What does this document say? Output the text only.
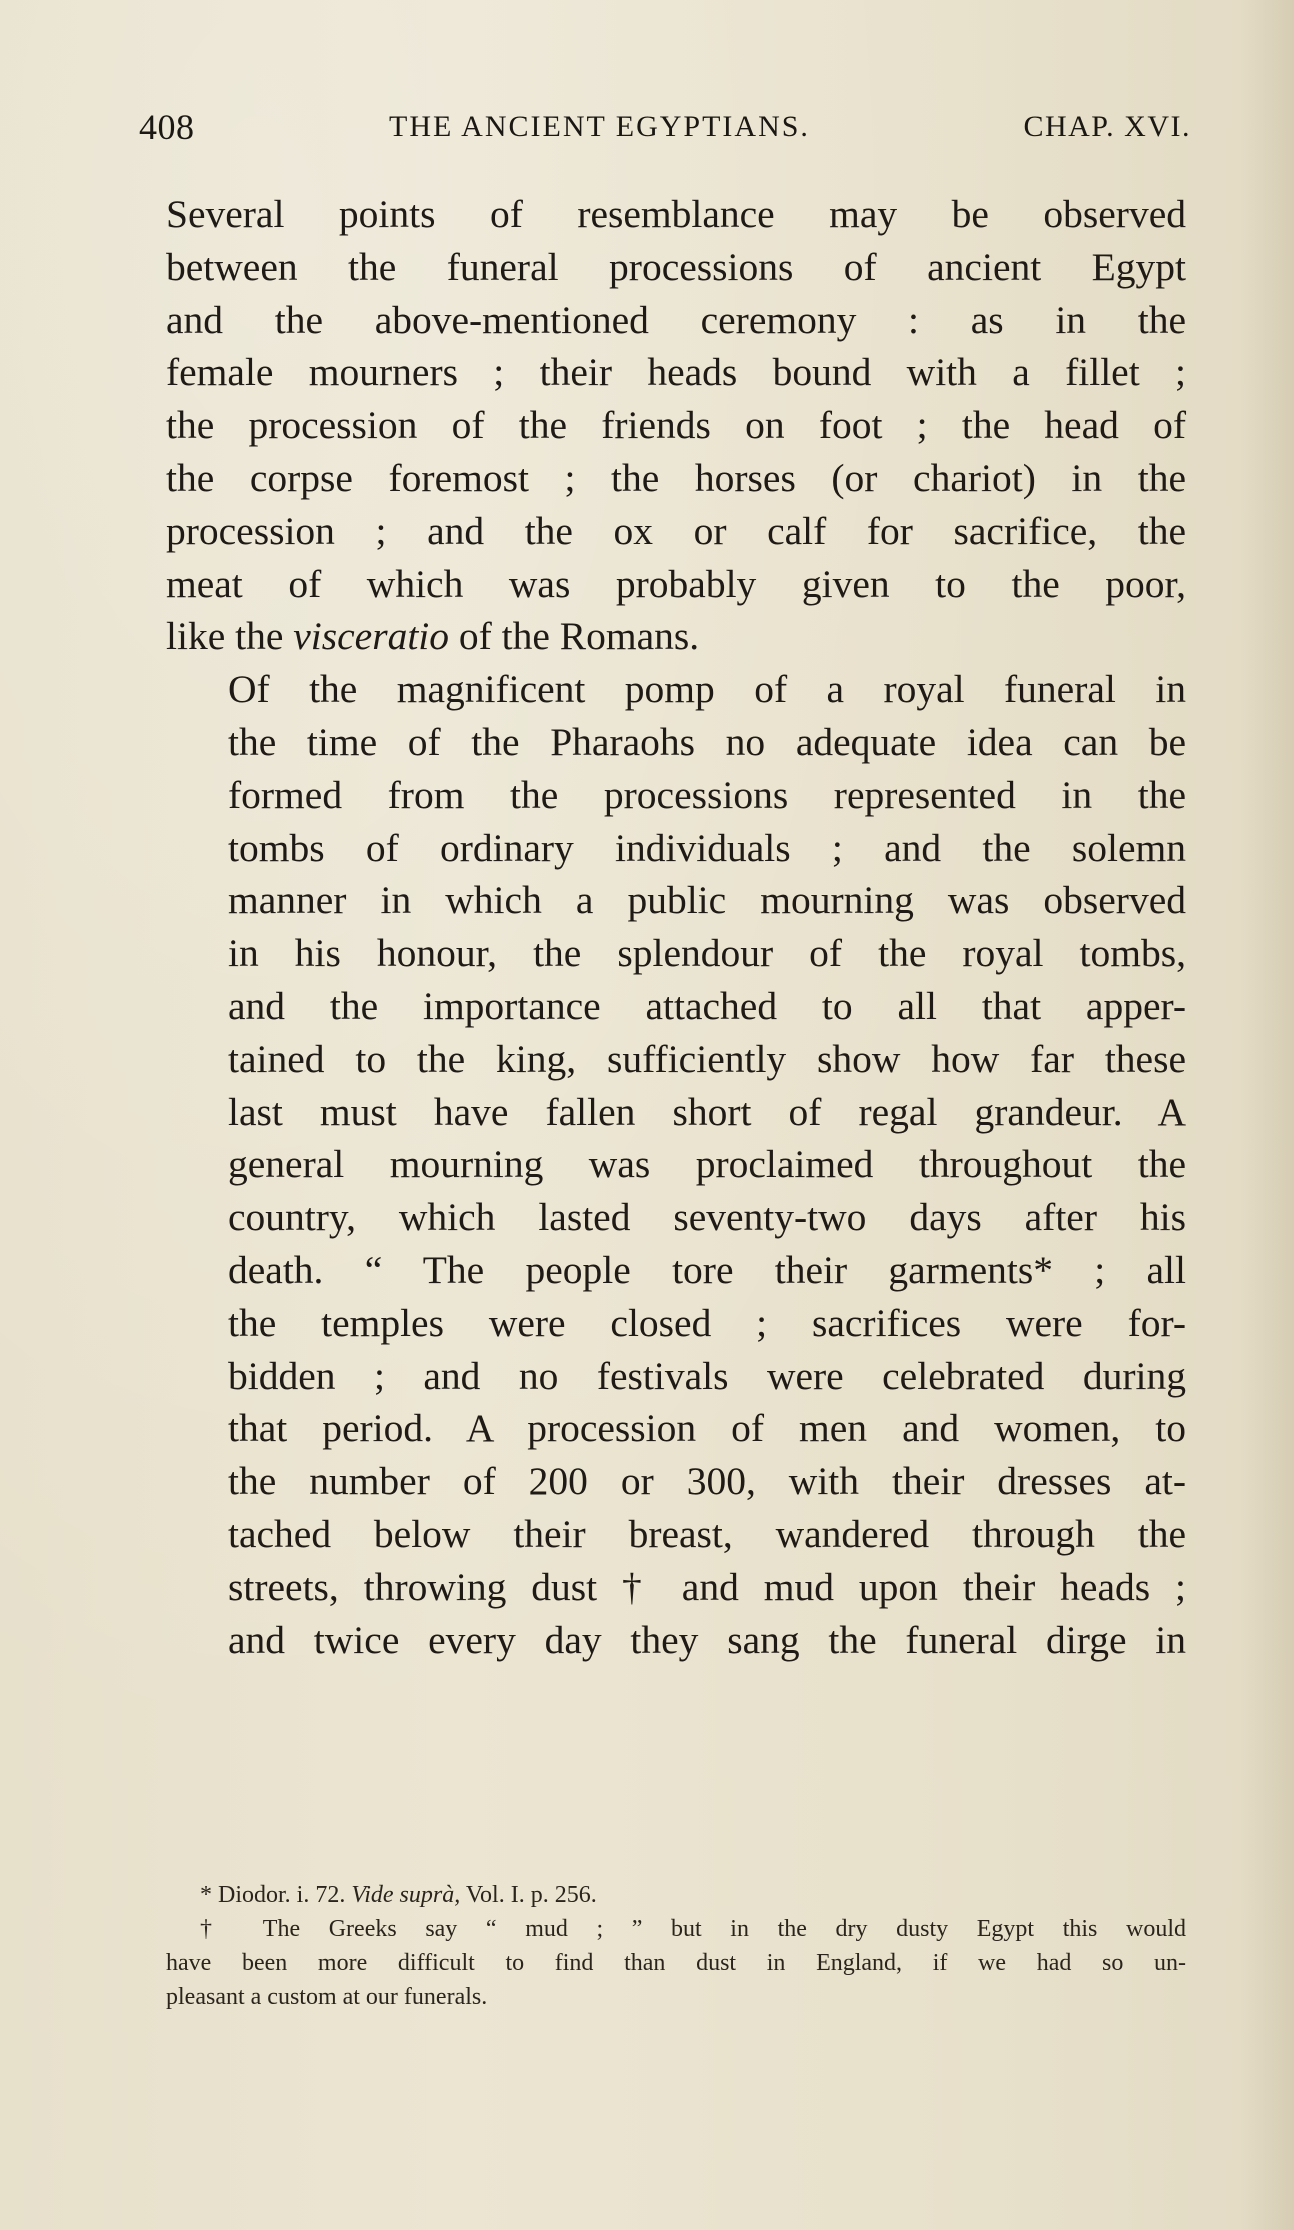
408	THE ANCIENT EGYPTIANS.	CHAP. XVI.

Several points of resemblance may be observed
between the funeral processions of ancient Egypt
and the above-mentioned ceremony : as in the
female mourners ; their heads bound with a fillet ;
the procession of the friends on foot ; the head of
the corpse foremost ; the horses (or chariot) in the
procession ; and the ox or calf for sacrifice, the
meat of which was probably given to the poor,
like the visceratio of the Romans.

Of the magnificent pomp of a royal funeral in
the time of the Pharaohs no adequate idea can be
formed from the processions represented in the
tombs of ordinary individuals ; and the solemn
manner in which a public mourning was observed
in his honour, the splendour of the royal tombs,
and the importance attached to all that apper-
tained to the king, sufficiently show how far these
last must have fallen short of regal grandeur. A
general mourning was proclaimed throughout the
country, which lasted seventy-two days after his
death. “ The people tore their garments* ; all
the temples were closed ; sacrifices were for-
bidden ; and no festivals were celebrated during
that period. A procession of men and women, to
the number of 200 or 300, with their dresses at-
tached below their breast, wandered through the
streets, throwing dust † and mud upon their heads ;
and twice every day they sang the funeral dirge in

* Diodor. i. 72. Vide suprà, Vol. I. p. 256.

† The Greeks say “ mud ; ” but in the dry dusty Egypt this would
have been more difficult to find than dust in England, if we had so un-
pleasant a custom at our funerals.
